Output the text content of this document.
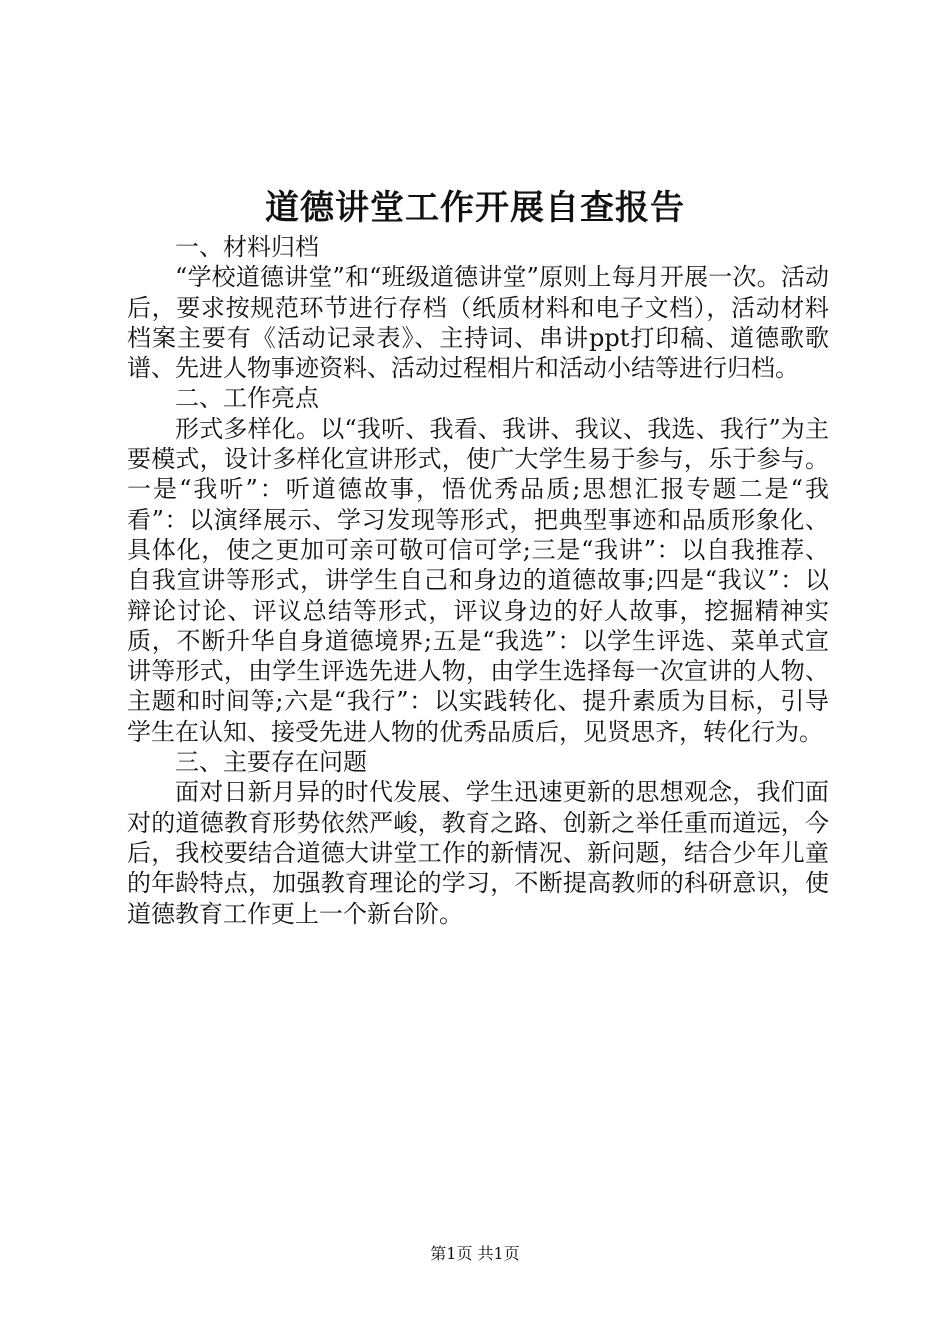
道德讲堂工作开展自查报告

一、材料归档

“学校道德讲堂”和“班级道德讲堂”原则上每月开展一次。活动后，要求按规范环节进行存档（纸质材料和电子文档），活动材料档案主要有《活动记录表》、主持词、串讲ppt打印稿、道德歌歌谱、先进人物事迹资料、活动过程相片和活动小结等进行归档。

二、工作亮点

形式多样化。以“我听、我看、我讲、我议、我选、我行”为主要模式，设计多样化宣讲形式，使广大学生易于参与，乐于参与。一是“我听”：听道德故事，悟优秀品质;思想汇报专题二是“我看”：以演绎展示、学习发现等形式，把典型事迹和品质形象化、具体化，使之更加可亲可敬可信可学;三是“我讲”：以自我推荐、自我宣讲等形式，讲学生自己和身边的道德故事;四是“我议”：以辩论讨论、评议总结等形式，评议身边的好人故事，挖掘精神实质，不断升华自身道德境界;五是“我选”：以学生评选、菜单式宣讲等形式，由学生评选先进人物，由学生选择每一次宣讲的人物、主题和时间等;六是“我行”：以实践转化、提升素质为目标，引导学生在认知、接受先进人物的优秀品质后，见贤思齐，转化行为。

三、主要存在问题

面对日新月异的时代发展、学生迅速更新的思想观念，我们面对的道德教育形势依然严峻，教育之路、创新之举任重而道远，今后，我校要结合道德大讲堂工作的新情况、新问题，结合少年儿童的年龄特点，加强教育理论的学习，不断提高教师的科研意识，使道德教育工作更上一个新台阶。

第1页 共1页
